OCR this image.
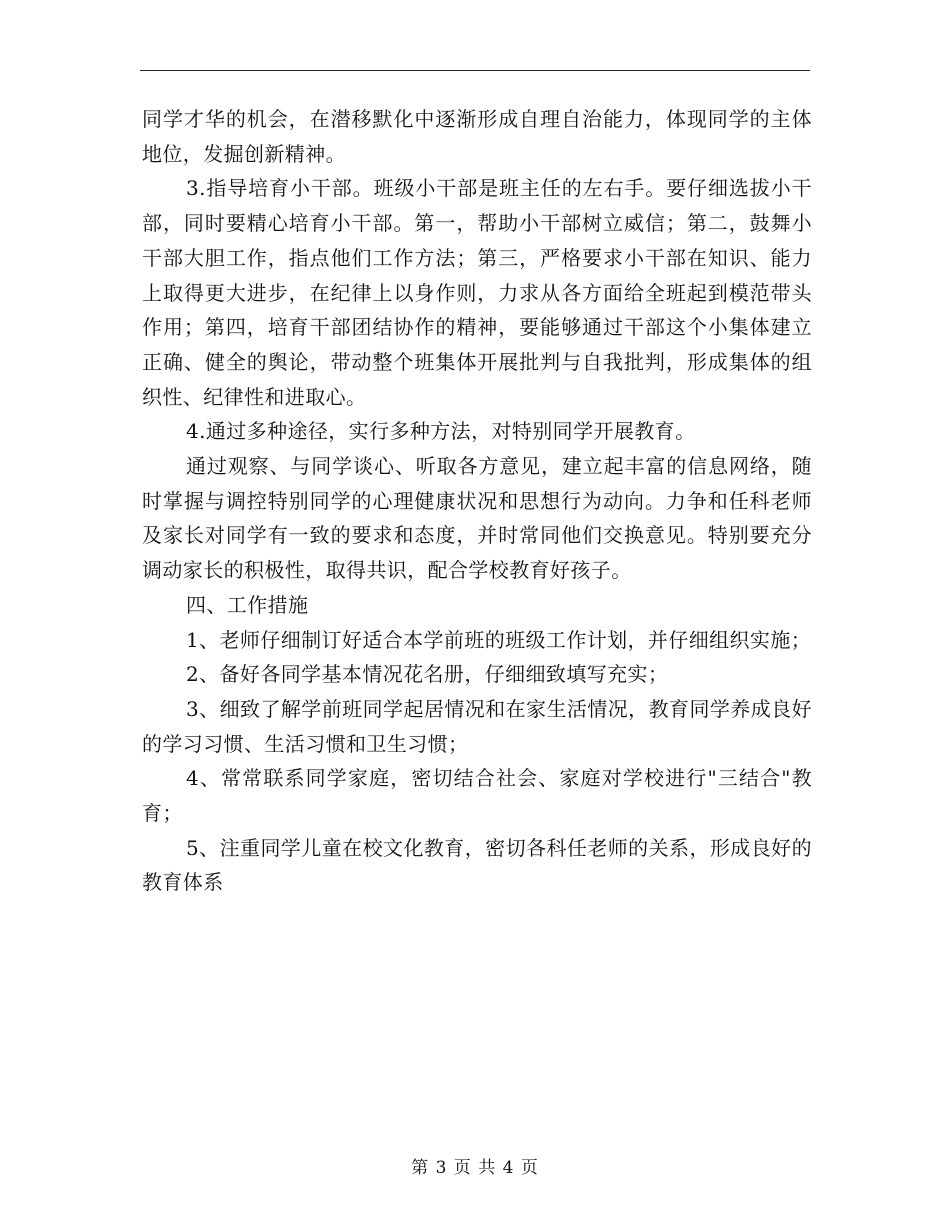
同学才华的机会，在潜移默化中逐渐形成自理自治能力，体现同学的主体地位，发掘创新精神。

3.指导培育小干部。班级小干部是班主任的左右手。要仔细选拔小干部，同时要精心培育小干部。第一，帮助小干部树立威信；第二，鼓舞小干部大胆工作，指点他们工作方法；第三，严格要求小干部在知识、能力上取得更大进步，在纪律上以身作则，力求从各方面给全班起到模范带头作用；第四，培育干部团结协作的精神，要能够通过干部这个小集体建立正确、健全的舆论，带动整个班集体开展批判与自我批判，形成集体的组织性、纪律性和进取心。

4.通过多种途径，实行多种方法，对特别同学开展教育。

通过观察、与同学谈心、听取各方意见，建立起丰富的信息网络，随时掌握与调控特别同学的心理健康状况和思想行为动向。力争和任科老师及家长对同学有一致的要求和态度，并时常同他们交换意见。特别要充分调动家长的积极性，取得共识，配合学校教育好孩子。

四、工作措施

1、老师仔细制订好适合本学前班的班级工作计划，并仔细组织实施；

2、备好各同学基本情况花名册，仔细细致填写充实；

3、细致了解学前班同学起居情况和在家生活情况，教育同学养成良好的学习习惯、生活习惯和卫生习惯；

4、常常联系同学家庭，密切结合社会、家庭对学校进行"三结合"教育；

5、注重同学儿童在校文化教育，密切各科任老师的关系，形成良好的教育体系

第 3 页 共 4 页
